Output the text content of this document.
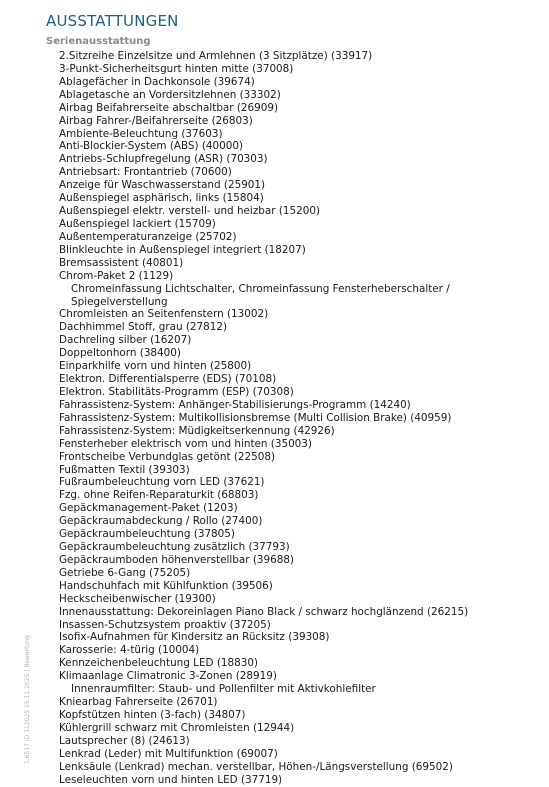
AUSSTATTUNGEN
Serienausstattung
2.Sitzreihe Einzelsitze und Armlehnen (3 Sitzplätze) (33917)
3-Punkt-Sicherheitsgurt hinten mitte (37008)
Ablagefächer in Dachkonsole (39674)
Ablagetasche an Vordersitzlehnen (33302)
Airbag Beifahrerseite abschaltbar (26909)
Airbag Fahrer-/Beifahrerseite (26803)
Ambiente-Beleuchtung (37603)
Anti-Blockier-System (ABS) (40000)
Antriebs-Schlupfregelung (ASR) (70303)
Antriebsart: Frontantrieb (70600)
Anzeige für Waschwasserstand (25901)
Außenspiegel asphärisch, links (15804)
Außenspiegel elektr. verstell- und heizbar (15200)
Außenspiegel lackiert (15709)
Außentemperaturanzeige (25702)
Blinkleuchte in Außenspiegel integriert (18207)
Bremsassistent (40801)
Chrom-Paket 2 (1129)
Chromeinfassung Lichtschalter, Chromeinfassung Fensterheberschalter / Spiegelverstellung
Chromleisten an Seitenfenstern (13002)
Dachhimmel Stoff, grau (27812)
Dachreling silber (16207)
Doppeltonhorn (38400)
Einparkhilfe vorn und hinten (25800)
Elektron. Differentialsperre (EDS) (70108)
Elektron. Stabilitäts-Programm (ESP) (70308)
Fahrassistenz-System: Anhänger-Stabilisierungs-Programm (14240)
Fahrassistenz-System: Multikollisionsbremse (Multi Collision Brake) (40959)
Fahrassistenz-System: Müdigkeitserkennung (42926)
Fensterheber elektrisch vorn und hinten (35003)
Frontscheibe Verbundglas getönt (22508)
Fußmatten Textil (39303)
Fußraumbeleuchtung vorn LED (37621)
Fzg. ohne Reifen-Reparaturkit (68803)
Gepäckmanagement-Paket (1203)
Gepäckraumabdeckung / Rollo (27400)
Gepäckraumbeleuchtung (37805)
Gepäckraumbeleuchtung zusätzlich (37793)
Gepäckraumboden höhenverstellbar (39688)
Getriebe 6-Gang (75205)
Handschuhfach mit Kühlfunktion (39506)
Heckscheibenwischer (19300)
Innenausstattung: Dekoreinlagen Piano Black / schwarz hochglänzend (26215)
Insassen-Schutzsystem proaktiv (37205)
Isofix-Aufnahmen für Kindersitz an Rücksitz (39308)
Karosserie: 4-türig (10004)
Kennzeichenbeleuchtung LED (18830)
Klimaanlage Climatronic 3-Zonen (28919)
Innenraumfilter: Staub- und Pollenfilter mit Aktivkohlefilter
Kniearbag Fahrerseite (26701)
Kopfstützen hinten (3-fach) (34807)
Kühlergrill schwarz mit Chromleisten (12944)
Lautsprecher (8) (24613)
Lenkrad (Leder) mit Multifunktion (69007)
Lenksäule (Lenkrad) mechan. verstellbar, Höhen-/Längsverstellung (69502)
Leseleuchten vorn und hinten LED (37719)
1.6517 ID 112025 15.11.2025 | Bewertung
